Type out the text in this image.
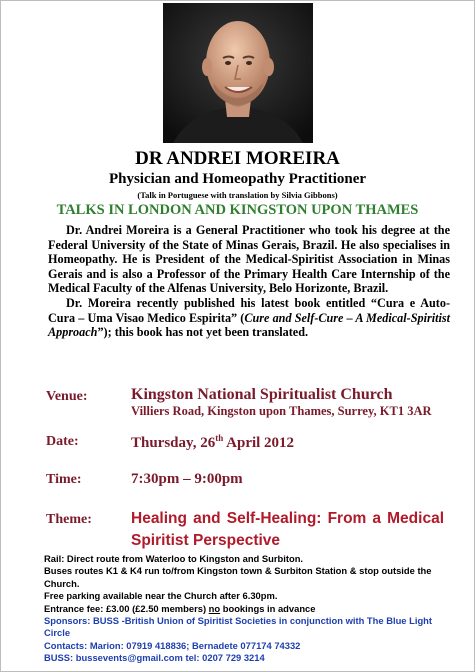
DR ANDREI MOREIRA
Physician and Homeopathy Practitioner
(Talk in Portuguese with translation by Silvia Gibbons)
TALKS IN LONDON AND KINGSTON UPON THAMES

Dr. Andrei Moreira is a General Practitioner who took his degree at the Federal University of the State of Minas Gerais, Brazil. He also specialises in Homeopathy. He is President of the Medical-Spiritist Association in Minas Gerais and is also a Professor of the Primary Health Care Internship of the Medical Faculty of the Alfenas University, Belo Horizonte, Brazil.

Dr. Moreira recently published his latest book entitled “Cura e Auto-Cura – Uma Visao Medico Espirita” (Cure and Self-Cure – A Medical-Spiritist Approach”); this book has not yet been translated.

Venue:	Kingston National Spiritualist Church
Villiers Road, Kingston upon Thames, Surrey, KT1 3AR
Date:	Thursday, 26th April 2012
Time:	7:30pm – 9:00pm
Theme:	Healing and Self-Healing: From a Medical Spiritist Perspective
Rail: Direct route from Waterloo to Kingston and Surbiton.
Buses routes K1 & K4 run to/from Kingston town & Surbiton Station & stop outside the Church.
Free parking available near the Church after 6.30pm.
Entrance fee: £3.00 (£2.50 members) no bookings in advance
Sponsors: BUSS -British Union of Spiritist Societies in conjunction with The Blue Light Circle
Contacts: Marion: 07919 418836; Bernadete 077174 74332
BUSS: bussevents@gmail.com tel: 0207 729 3214
